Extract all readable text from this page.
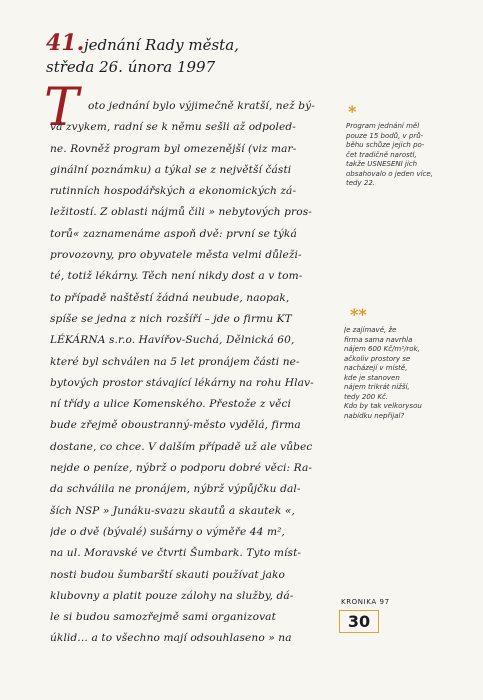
41. jednání Rady města,
středa 26. února 1997
T oto jednání bylo výjimečně kratší, než bý-
vá zvykem, radní se k němu sešli až odpoled-
ne. Rovněž program byl omezenější (viz mar-
ginální poznámku) a týkal se z největší části
rutinních hospodářských a ekonomických zá-
ležitostí. Z oblasti nájmů čili » nebytových pros-
torů« zaznamenáme aspoň dvě: první se týká
provozovny, pro obyvatele města velmi důleži-
té, totiž lékárny. Těch není nikdy dost a v tom-
to případě naštěstí žádná neubude, naopak,
spíše se jedna z nich rozšíří – jde o firmu KT
LÉKÁRNA s.r.o. Havířov-Suchá, Dělnická 60,
které byl schválen na 5 let pronájem části ne-
bytových prostor stávající lékárny na rohu Hlav-
ní třídy a ulice Komenského. Přestože z věci
bude zřejmě oboustranný-město vydělá, firma
dostane, co chce. V dalším případě už ale vůbec
nejde o peníze, nýbrž o podporu dobré věci: Ra-
da schválila ne pronájem, nýbrž výpůjčku dal-
ších NSP » Junáku-svazu skautů a skautek «,
jde o dvě (bývalé) sušárny o výměře 44 m²,
na ul. Moravské ve čtvrti Šumbark. Tyto míst-
nosti budou šumbarští skauti používat jako
klubovny a platit pouze zálohy na služby, dá-
le si budou samozřejmě sami organizovat
úklid… a to všechno mají odsouhlaseno » na
*
Program jednání měl
pouze 15 bodů, v prů-
běhu schůze jejich po-
čet tradičně narostl,
takže USNESENÍ jich
obsahovalo o jeden více,
tedy 22.
**
Je zajímavé, že
firma sama navrhla
nájem 600 Kč/m²/rok,
ačkoliv prostory se
nacházejí v místě,
kde je stanoven
nájem trikrát nižší,
tedy 200 Kč.
Kdo by tak velkorysou
nabídku nepřijal?
KRONIKA 97
30
